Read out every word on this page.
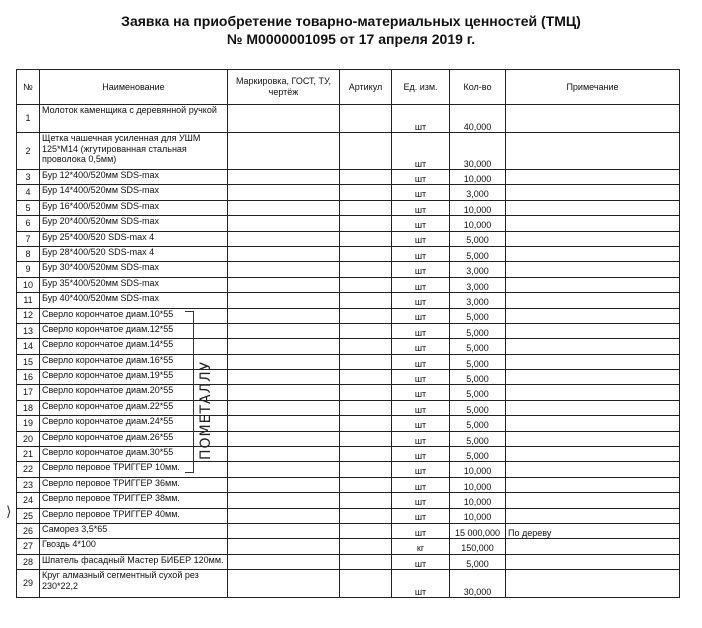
Заявка на приобретение товарно-материальных ценностей (ТМЦ)
№ М0000001095 от 17 апреля 2019 г.
№	Наименование	Маркировка, ГОСТ, ТУ, чертёж	Артикул	Ед. изм.	Кол-во	Примечание
1	Молоток каменщика с деревянной ручкой			шт	40,000	
2	Щетка чашечная усиленная для УШМ 125*М14 (жгутированная стальная проволока 0,5мм)			шт	30,000	
3	Бур 12*400/520мм SDS-max			шт	10,000	
4	Бур 14*400/520мм SDS-max			шт	3,000	
5	Бур 16*400/520мм SDS-max			шт	10,000	
6	Бур 20*400/520мм SDS-max			шт	10,000	
7	Бур 25*400/520 SDS-max 4			шт	5,000	
8	Бур 28*400/520 SDS-max 4			шт	5,000	
9	Бур 30*400/520мм SDS-max			шт	3,000	
10	Бур 35*400/520мм SDS-max			шт	3,000	
11	Бур 40*400/520мм SDS-max			шт	3,000	
12	Сверло корончатое диам.10*55			шт	5,000	
13	Сверло корончатое диам.12*55			шт	5,000	
14	Сверло корончатое диам.14*55			шт	5,000	
15	Сверло корончатое диам.16*55			шт	5,000	
16	Сверло корончатое диам.19*55			шт	5,000	
17	Сверло корончатое диам.20*55			шт	5,000	
18	Сверло корончатое диам.22*55			шт	5,000	
19	Сверло корончатое диам.24*55			шт	5,000	
20	Сверло корончатое диам.26*55			шт	5,000	
21	Сверло корончатое диам.30*55			шт	5,000	
22	Сверло перовое ТРИГГЕР 10мм.			шт	10,000	
23	Сверло перовое ТРИГГЕР 36мм.			шт	10,000	
24	Сверло перовое ТРИГГЕР 38мм.			шт	10,000	
25	Сверло перовое ТРИГГЕР 40мм.			шт	10,000	
26	Саморез 3,5*65			шт	15 000,000	По дереву
27	Гвоздь 4*100			кг	150,000	
28	Шпатель фасадный Мастер БИБЕР 120мм.			шт	5,000	
29	Круг алмазный сегментный сухой рез 230*22,2			шт	30,000	
ПОМЕТАЛЛУ
⟩
